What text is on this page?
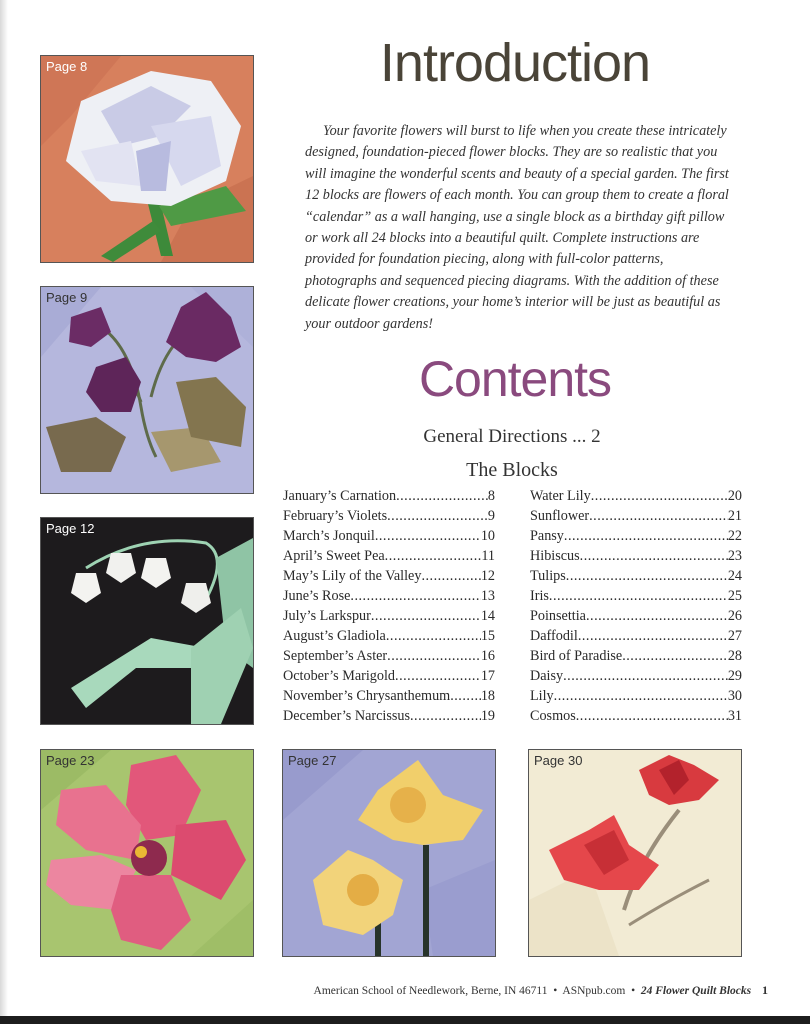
Page 8
Page 9
Page 12
Page 23	Page 27	Page 30
Introduction

Your favorite flowers will burst to life when you create these intricately designed, foundation-pieced flower blocks. They are so realistic that you will imagine the wonderful scents and beauty of a special garden. The first 12 blocks are flowers of each month. You can group them to create a floral “calendar” as a wall hanging, use a single block as a birthday gift pillow or work all 24 blocks into a beautiful quilt. Complete instructions are provided for foundation piecing, along with full-color patterns, photographs and sequenced piecing diagrams. With the addition of these delicate flower creations, your home’s interior will be just as beautiful as your outdoor gardens!

Contents
General Directions ... 2
The Blocks
January’s Carnation .....	8
February’s Violets .....	9
March’s Jonquil .....	10
April’s Sweet Pea .....	11
May’s Lily of the Valley .....	12
June’s Rose .....	13
July’s Larkspur .....	14
August’s Gladiola .....	15
September’s Aster .....	16
October’s Marigold .....	17
November’s Chrysanthemum ..... 18
December’s Narcissus .....	19
Water Lily .....	20
Sunflower .....	21
Pansy .....	22
Hibiscus .....	23
Tulips .....	24
Iris .....	25
Poinsettia .....	26
Daffodil .....	27
Bird of Paradise .....	28
Daisy .....	29
Lily .....	30
Cosmos .....	31
American School of Needlework, Berne, IN 46711 • ASNpub.com • 24 Flower Quilt Blocks 1
